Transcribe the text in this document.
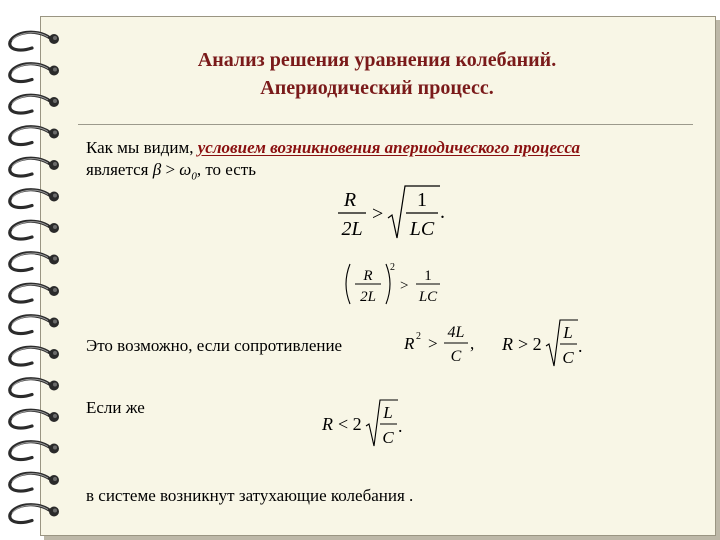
Анализ решения уравнения колебаний.
Апериодический процесс.
Как мы видим, условием возникновения апериодического процесса
является $\beta > \omega_0$, то есть
R
2L
>
1
LC
.
R
2L
2
>
1
LC
Это возможно, если сопротивление	R 2 >
4L
C
, R > 2
L
C
.
Если же
R < 2
L
C
.
в системе возникнут затухающие колебания .
